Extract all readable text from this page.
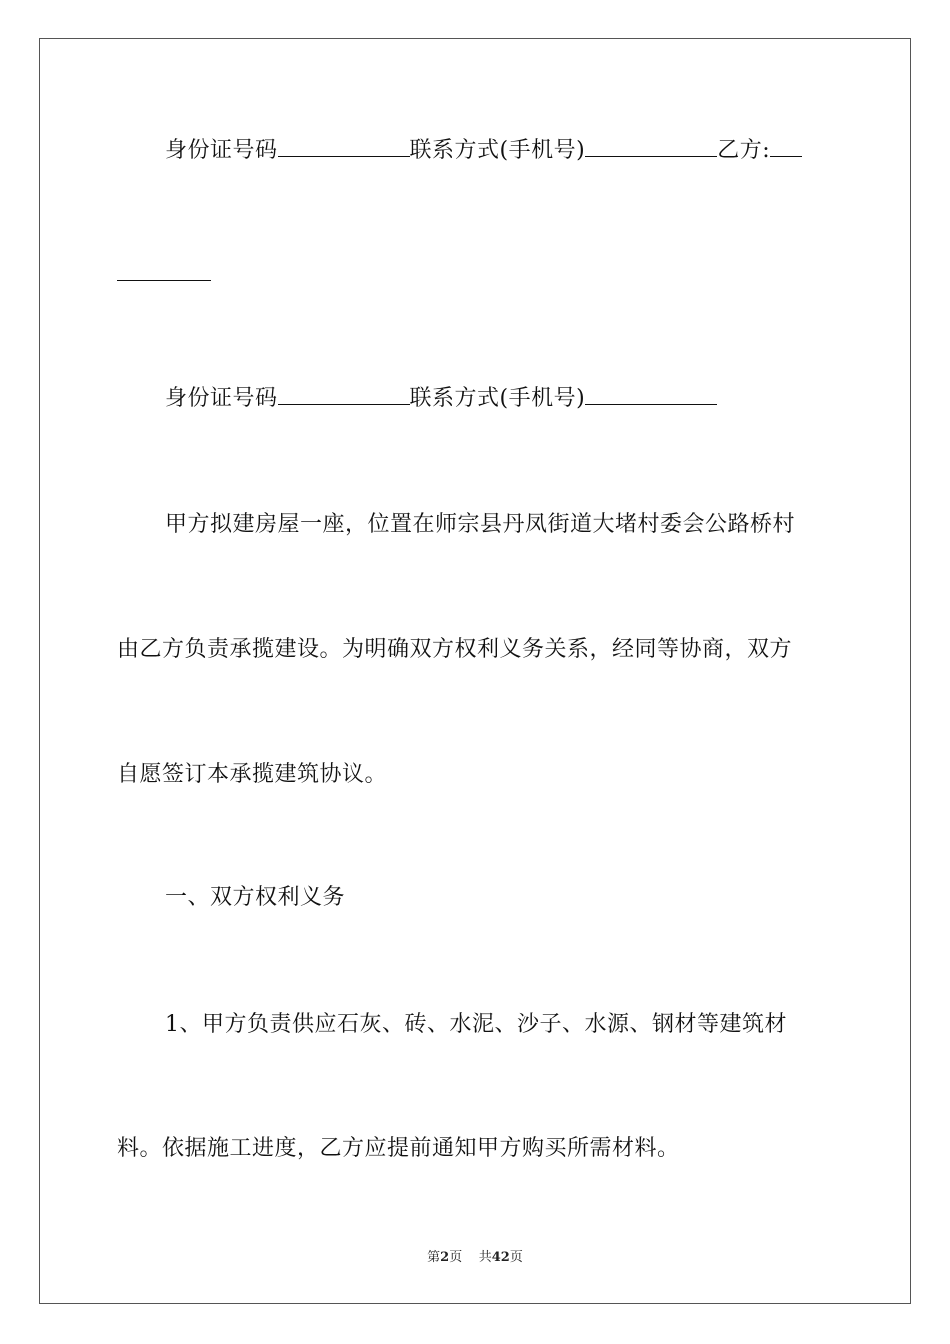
身份证号码	联系方式(手机号)	乙方:
身份证号码	联系方式(手机号)
甲方拟建房屋一座，位置在师宗县丹凤街道大堵村委会公路桥村
由乙方负责承揽建设。为明确双方权利义务关系，经同等协商，双方
自愿签订本承揽建筑协议。
一、双方权利义务
1、甲方负责供应石灰、砖、水泥、沙子、水源、钢材等建筑材
料。依据施工进度，乙方应提前通知甲方购买所需材料。
第2页 共42页
